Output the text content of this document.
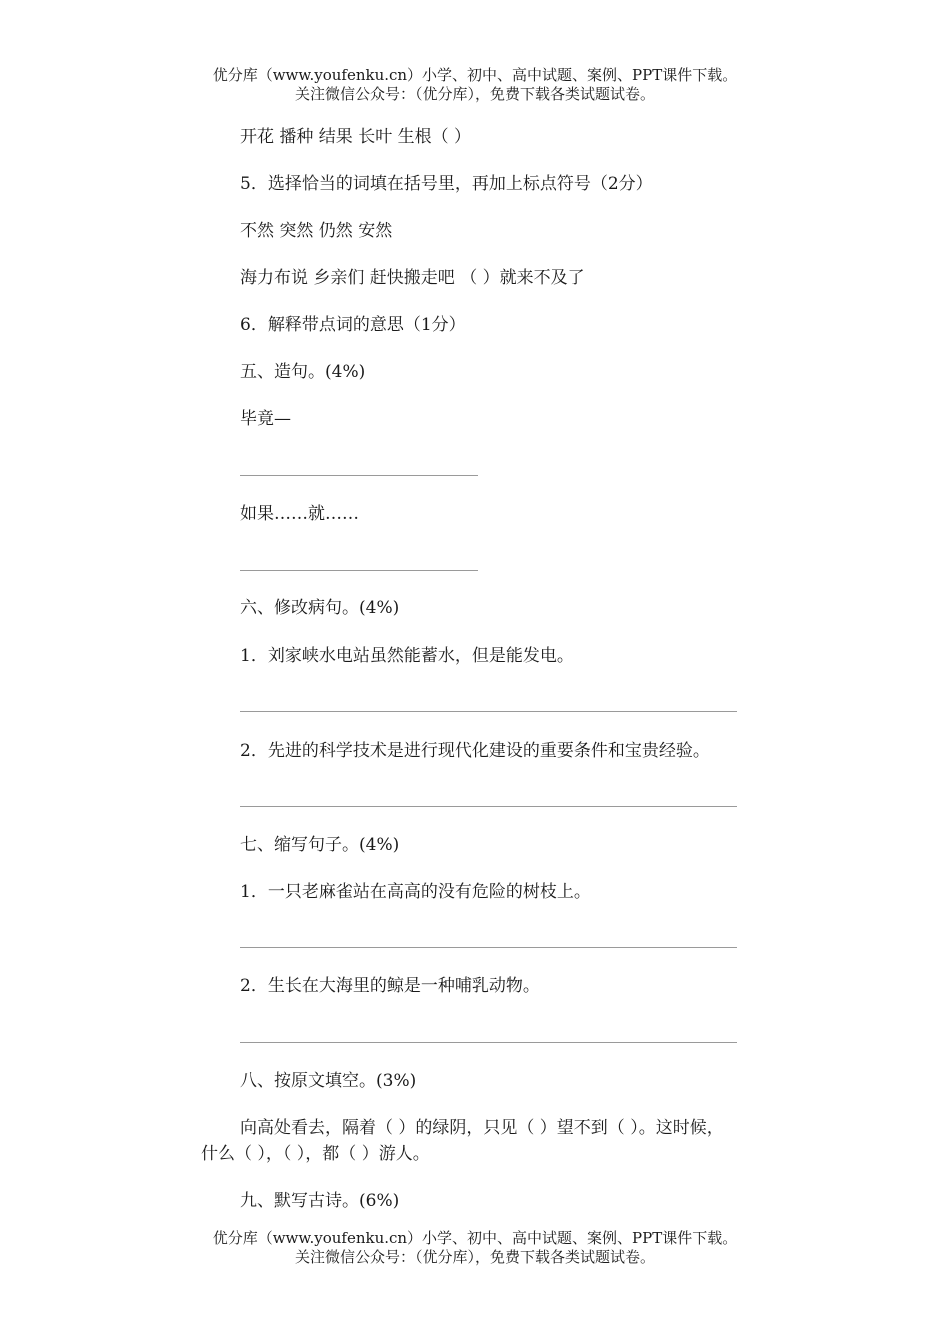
优分库（www.youfenku.cn）小学、初中、高中试题、案例、PPT课件下载。
关注微信公众号：（优分库），免费下载各类试题试卷。
开花 播种 结果 长叶 生根（ ）
5．选择恰当的词填在括号里，再加上标点符号（2分）
不然 突然 仍然 安然
海力布说 乡亲们 赶快搬走吧 （ ）就来不及了
6．解释带点词的意思（1分）
五、造句。(4%)
毕竟—
如果……就……
六、修改病句。(4%)
1．刘家峡水电站虽然能蓄水，但是能发电。
2．先进的科学技术是进行现代化建设的重要条件和宝贵经验。
七、缩写句子。(4%)
1．一只老麻雀站在高高的没有危险的树枝上。
2．生长在大海里的鲸是一种哺乳动物。
八、按原文填空。(3%)
向高处看去，隔着（ ）的绿阴，只见（ ）望不到（ ）。这时候，
什么（ ），（ ），都（ ）游人。
九、默写古诗。(6%)
优分库（www.youfenku.cn）小学、初中、高中试题、案例、PPT课件下载。
关注微信公众号：（优分库），免费下载各类试题试卷。
